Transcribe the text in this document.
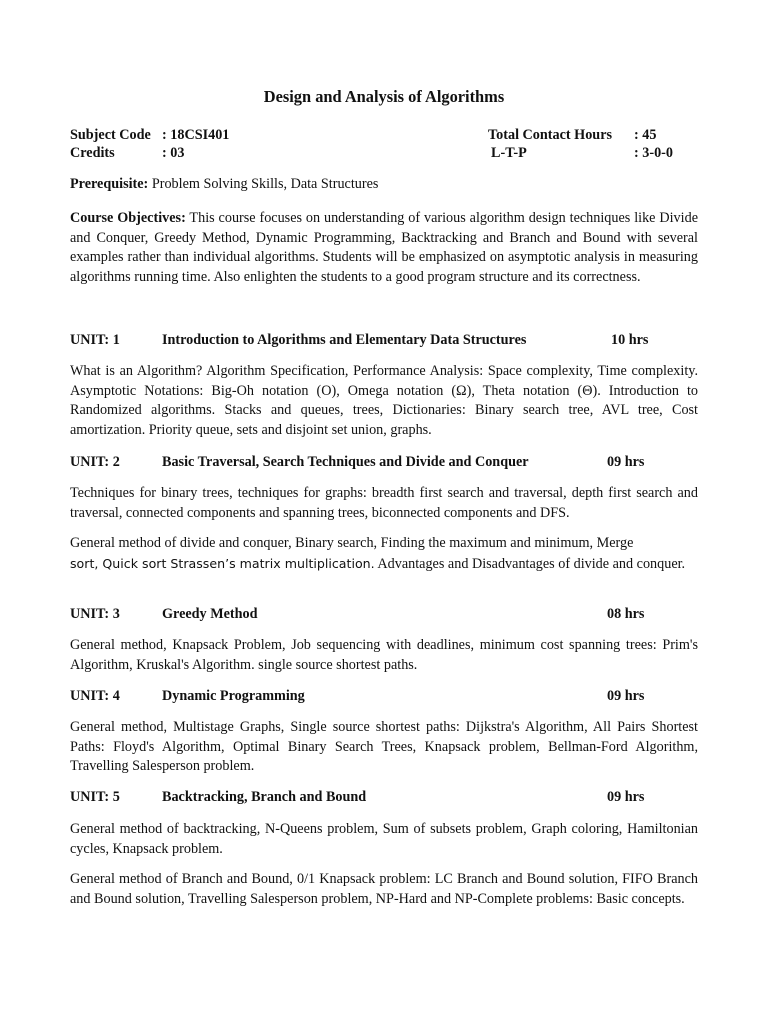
Design and Analysis of Algorithms
Subject Code : 18CSI401	Total Contact Hours : 45
Credits	: 03	L-T-P	: 3-0-0
Prerequisite: Problem Solving Skills, Data Structures
Course Objectives: This course focuses on understanding of various algorithm design techniques like Divide and Conquer, Greedy Method, Dynamic Programming, Backtracking and Branch and Bound with several examples rather than individual algorithms. Students will be emphasized on asymptotic analysis in measuring algorithms running time. Also enlighten the students to a good program structure and its correctness.
UNIT: 1	Introduction to Algorithms and Elementary Data Structures	10 hrs
What is an Algorithm? Algorithm Specification, Performance Analysis: Space complexity, Time complexity. Asymptotic Notations: Big-Oh notation (O), Omega notation (Ω), Theta notation (Θ). Introduction to Randomized algorithms. Stacks and queues, trees, Dictionaries: Binary search tree, AVL tree, Cost amortization. Priority queue, sets and disjoint set union, graphs.
UNIT: 2	Basic Traversal, Search Techniques and Divide and Conquer	09 hrs
Techniques for binary trees, techniques for graphs: breadth first search and traversal, depth first search and traversal, connected components and spanning trees, biconnected components and DFS.
General method of divide and conquer, Binary search, Finding the maximum and minimum, Merge
sort, Quick sort Strassen’s matrix multiplication. Advantages and Disadvantages of divide and conquer.
UNIT: 3	Greedy Method	08 hrs
General method, Knapsack Problem, Job sequencing with deadlines, minimum cost spanning trees: Prim's Algorithm, Kruskal's Algorithm. single source shortest paths.
UNIT: 4	Dynamic Programming	09 hrs
General method, Multistage Graphs, Single source shortest paths: Dijkstra's Algorithm, All Pairs Shortest Paths: Floyd's Algorithm, Optimal Binary Search Trees, Knapsack problem, Bellman-Ford Algorithm, Travelling Salesperson problem.
UNIT: 5	Backtracking, Branch and Bound	09 hrs
General method of backtracking, N-Queens problem, Sum of subsets problem, Graph coloring, Hamiltonian cycles, Knapsack problem.
General method of Branch and Bound, 0/1 Knapsack problem: LC Branch and Bound solution, FIFO Branch and Bound solution, Travelling Salesperson problem, NP-Hard and NP-Complete problems: Basic concepts.
